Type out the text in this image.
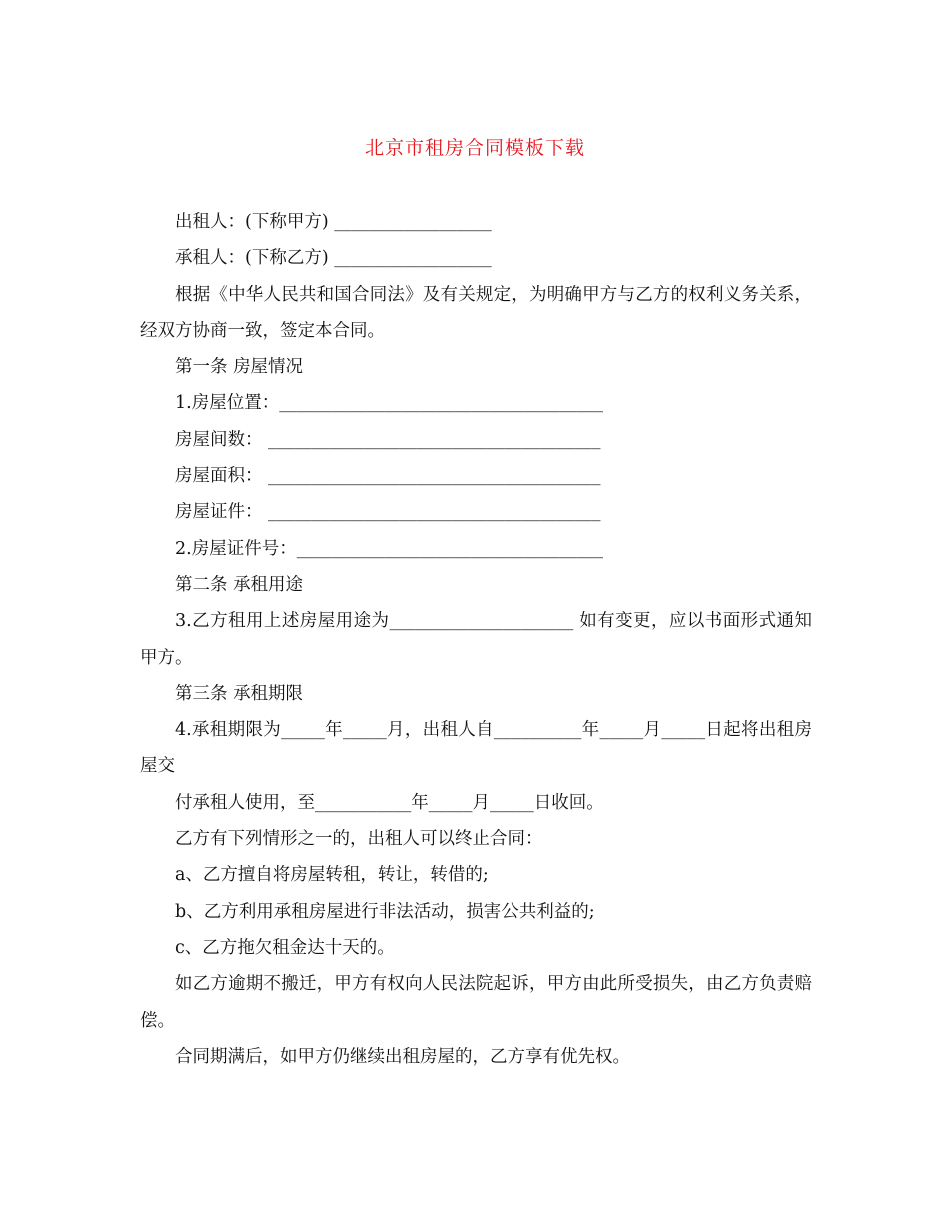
北京市租房合同模板下载

出租人：(下称甲方) __________________

承租人：(下称乙方) __________________

根据《中华人民共和国合同法》及有关规定，为明确甲方与乙方的权利义务关系，经双方协商一致，签定本合同。

第一条 房屋情况

1.房屋位置：_____________________________________

房屋间数： ______________________________________

房屋面积： ______________________________________

房屋证件： ______________________________________

2.房屋证件号：___________________________________

第二条 承租用途

3.乙方租用上述房屋用途为_____________________ 如有变更，应以书面形式通知甲方。

第三条 承租期限

4.承租期限为_____年_____月，出租人自__________年_____月_____日起将出租房屋交

付承租人使用，至___________年_____月_____日收回。

乙方有下列情形之一的，出租人可以终止合同：

a、乙方擅自将房屋转租，转让，转借的;

b、乙方利用承租房屋进行非法活动，损害公共利益的;

c、乙方拖欠租金达十天的。

如乙方逾期不搬迁，甲方有权向人民法院起诉，甲方由此所受损失，由乙方负责赔偿。

合同期满后，如甲方仍继续出租房屋的，乙方享有优先权。
